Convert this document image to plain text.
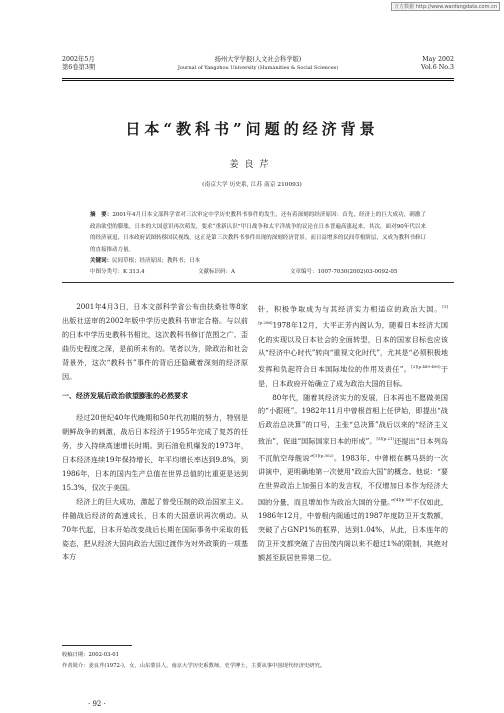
万方数据 http://www.wanfangdata.com.cn
2002年5月
第6卷第3期
扬州大学学报(人文社会科学版)
Journal of Yangzhou University (Humanities & Social Sciences)
May 2002
Vol.6 No.3
日本“教科书”问题的经济背景
姜良芹
(南京大学 历史系, 江苏 南京 210093)
摘　要：2001年4月日本文部科学省对三次审定中学历史教科书事件的发生，还有着深刻的经济原因：首先，经济上的巨大成功，刺激了政治欲望的膨胀，日本的大国意识再次萌发，要求“重新认识”甲日战争和太平洋战争的议论在日本普遍高涨起来。其次，面对90年代以来的经济衰退，日本政府试图转移国民视线，这正是第三次教科书事件出现的深刻经济背景。而日益增多的民间草根阶层，又成为教科书修订的直接推动力量。
关键词：民间草根；经济原因；教科书；日本
中图分类号：K 313.4	文献标识码：A	文章编号：1007-7030(2002)03-0092-05

2001年4月3日，日本文部科学省公布由扶桑社等8家出版社送审的2002年版中学历史教科书审定合格。与以前的日本中学历史教科书相比，这次教科书修订范围之广、歪曲历史程度之深，是前所未有的。笔者以为，除政治和社会背景外，这次“教科书”事件的背后还隐藏着深刻的经济原因。

一、经济发展后政治欲望膨胀的必然要求

经过20世纪40年代晚期和50年代初期的努力，特别是朝鲜战争的刺激，战后日本经济于1955年完成了复苏的任务，步入持续高速增长时期。到石油危机爆发的1973年，日本经济连续19年保持增长，年平均增长率达到9.8%，到1986年，日本的国内生产总值在世界总值的比重更是达到15.3%，仅次于美国。

经济上的巨大成功，激起了曾受压制的政治国家主义。伴随战后经济的高速成长，日本的大国意识再次萌动。从70年代起，日本开始改变战后长期在国际事务中采取的低姿态，把从经济大国向政治大国过渡作为对外政策的一项基本方

针，积极争取成为与其经济实力相适应的政治大国。$^{[1](p.286)}$1978年12月，大平正芳内阁认为，随着日本经济大国化的实现以及日本社会的全面转型，日本的国家目标也应该从“经济中心时代”转向“重视文化时代”，尤其是“必须积极地发挥和负起符合日本国际地位的作用及责任”。$^{[2](p.489-490)}$于是，日本政府开始确立了成为政治大国的目标。

80年代，随着其经济实力的发展，日本再也不愿做美国的“小跟班”。1982年11月中曾根首相上任伊始，即提出“战后政治总决算”的口号，主张“总决算”战后以来的“经济主义致治”，促进“国际国家日本的形成”。$^{[3](p.21)}$还提出“日本列岛不沉航空母舰说”$^{[1](p.302)}$。1983年，中曾根在羁马县的一次讲演中，更明确地第一次使用“政治大国”的概念。他说：“要在世界政治上加强日本的发言权，不仅增加日本作为经济大国的分量，而且增加作为政治大国的分量。”$^{[4](p.58)}$不仅如此，1986年12月，中曾根内阁通过的1987年度防卫开支数额，突破了占GNP1%的框界，达到1.04%，从此，日本连年的防卫开支都突破了吉田茂内阁以来不超过1%的限制，其绝对额甚至跃居世界第二位。

收稿日期：2002-03-01
作者简介：姜良芹(1972-)，女，山东蒙县人，南京大学历史系教师，史学博士，主要从事中国现代经济史研究。
· 92 ·
